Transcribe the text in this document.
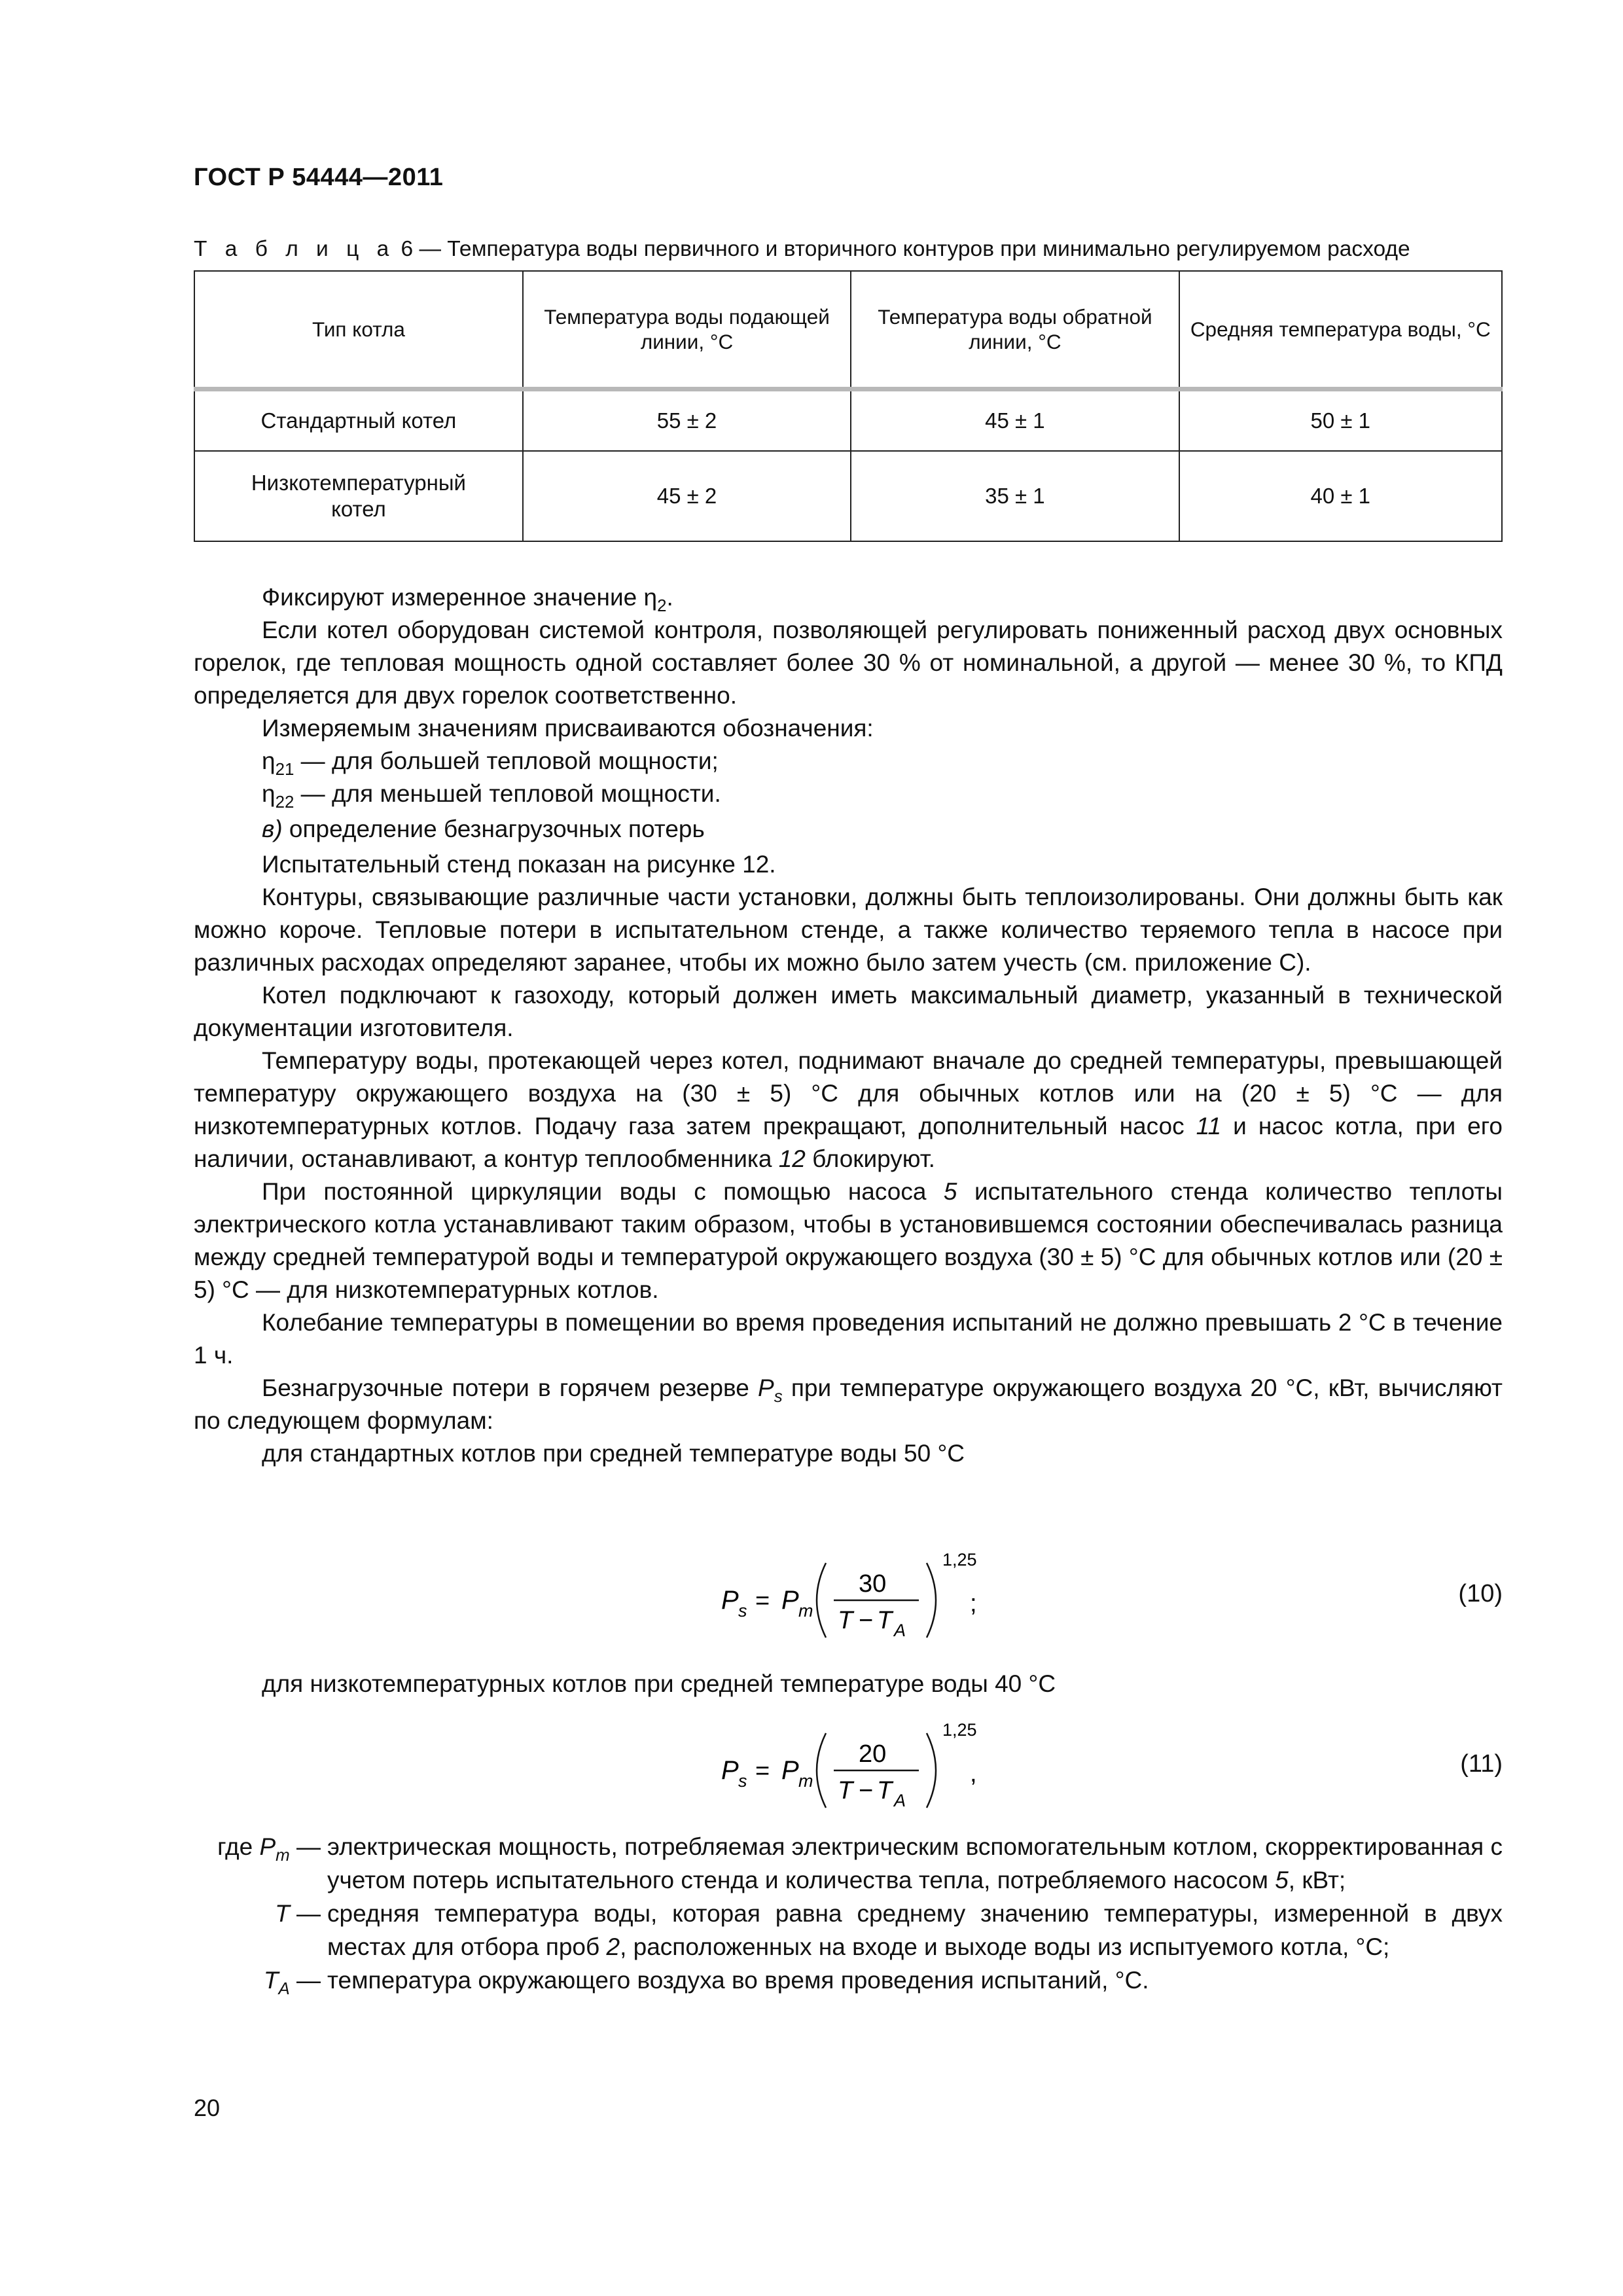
ГОСТ Р 54444—2011
Т а б л и ц а 6 — Температура воды первичного и вторичного контуров при минимально регулируемом расходе
Тип котла	Температура воды подающей линии, °С	Температура воды обратной линии, °С	Средняя температура воды, °С
Стандартный котел	55 ± 2	45 ± 1	50 ± 1
Низкотемпературный котел	45 ± 2	35 ± 1	40 ± 1

Фиксируют измеренное значение $\eta_2$.

Если котел оборудован системой контроля, позволяющей регулировать пониженный расход двух основных горелок, где тепловая мощность одной составляет более 30 % от номинальной, а другой — менее 30 %, то КПД определяется для двух горелок соответственно.

Измеряемым значениям присваиваются обозначения:

$\eta_{21}$ — для большей тепловой мощности;

$\eta_{22}$ — для меньшей тепловой мощности.

в) определение безнагрузочных потерь

Испытательный стенд показан на рисунке 12.

Контуры, связывающие различные части установки, должны быть теплоизолированы. Они должны быть как можно короче. Тепловые потери в испытательном стенде, а также количество теряемого тепла в насосе при различных расходах определяют заранее, чтобы их можно было затем учесть (см. приложение С).

Котел подключают к газоходу, который должен иметь максимальный диаметр, указанный в технической документации изготовителя.

Температуру воды, протекающей через котел, поднимают вначале до средней температуры, превышающей температуру окружающего воздуха на (30 ± 5) °С для обычных котлов или на (20 ± 5) °С — для низкотемпературных котлов. Подачу газа затем прекращают, дополнительный насос 11 и насос котла, при его наличии, останавливают, а контур теплообменника 12 блокируют.

При постоянной циркуляции воды с помощью насоса 5 испытательного стенда количество теплоты электрического котла устанавливают таким образом, чтобы в установившемся состоянии обеспечивалась разница между средней температурой воды и температурой окружающего воздуха (30 ± 5) °С для обычных котлов или (20 ± 5) °С — для низкотемпературных котлов.

Колебание температуры в помещении во время проведения испытаний не должно превышать 2 °С в течение 1 ч.

Безнагрузочные потери в горячем резерве $P_s$ при температуре окружающего воздуха 20 °С, кВт, вычисляют по следующем формулам:

для стандартных котлов при средней температуре воды 50 °С

P s = P m
30
T − T A
1,25
;	(10)

для низкотемпературных котлов при средней температуре воды 40 °С

P s = P m
20
T − T A
1,25
,	(11)
где $P_m$ — электрическая мощность, потребляемая электрическим вспомогательным котлом, скорректированная с учетом потерь испытательного стенда и количества тепла, потребляемого насосом 5, кВт;
T — средняя температура воды, которая равна среднему значению температуры, измеренной в двух местах для отбора проб 2, расположенных на входе и выходе воды из испытуемого котла, °С;
$T_A$ — температура окружающего воздуха во время проведения испытаний, °С.
20
